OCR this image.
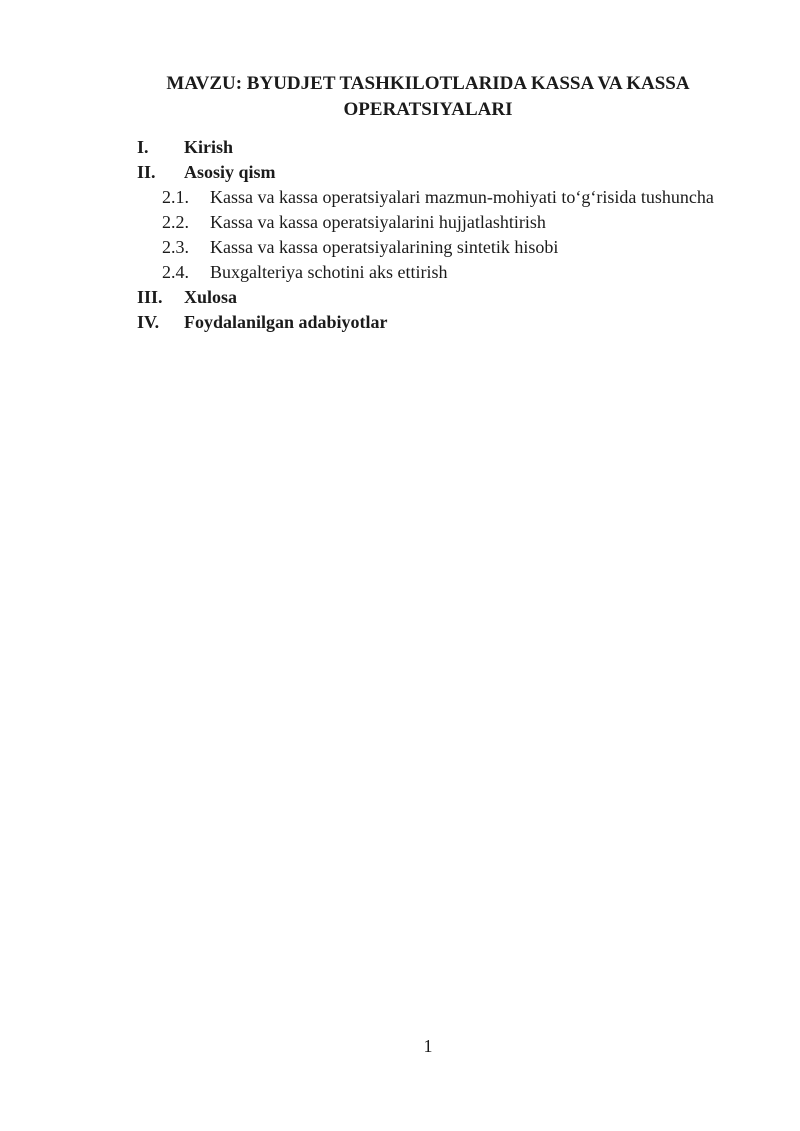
MAVZU: BYUDJET TASHKILOTLARIDA KASSA VA KASSA OPERATSIYALARI
I.	Kirish
II.	Asosiy qism
2.1.	Kassa va kassa operatsiyalari mazmun-mohiyati to‘g‘risida tushuncha
2.2.	Kassa va kassa operatsiyalarini hujjatlashtirish
2.3.	Kassa va kassa operatsiyalarining sintetik hisobi
2.4.	Buxgalteriya schotini aks ettirish
III.	Xulosa
IV.	Foydalanilgan adabiyotlar
1
